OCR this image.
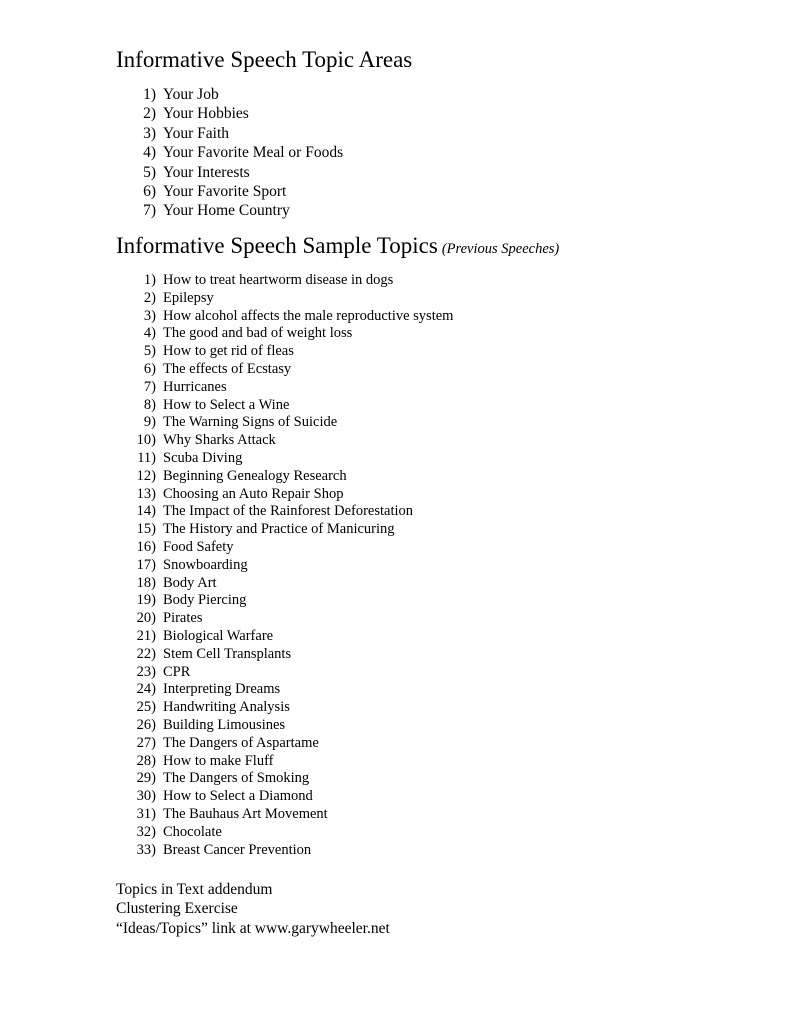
Informative Speech Topic Areas
1) Your Job
2) Your Hobbies
3) Your Faith
4) Your Favorite Meal or Foods
5) Your Interests
6) Your Favorite Sport
7) Your Home Country
Informative Speech Sample Topics (Previous Speeches)
1) How to treat heartworm disease in dogs
2) Epilepsy
3) How alcohol affects the male reproductive system
4) The good and bad of weight loss
5) How to get rid of fleas
6) The effects of Ecstasy
7) Hurricanes
8) How to Select a Wine
9) The Warning Signs of Suicide
10) Why Sharks Attack
11) Scuba Diving
12) Beginning Genealogy Research
13) Choosing an Auto Repair Shop
14) The Impact of the Rainforest Deforestation
15) The History and Practice of Manicuring
16) Food Safety
17) Snowboarding
18) Body Art
19) Body Piercing
20) Pirates
21) Biological Warfare
22) Stem Cell Transplants
23) CPR
24) Interpreting Dreams
25) Handwriting Analysis
26) Building Limousines
27) The Dangers of Aspartame
28) How to make Fluff
29) The Dangers of Smoking
30) How to Select a Diamond
31) The Bauhaus Art Movement
32) Chocolate
33) Breast Cancer Prevention
Topics in Text addendum
Clustering Exercise
“Ideas/Topics” link at www.garywheeler.net
